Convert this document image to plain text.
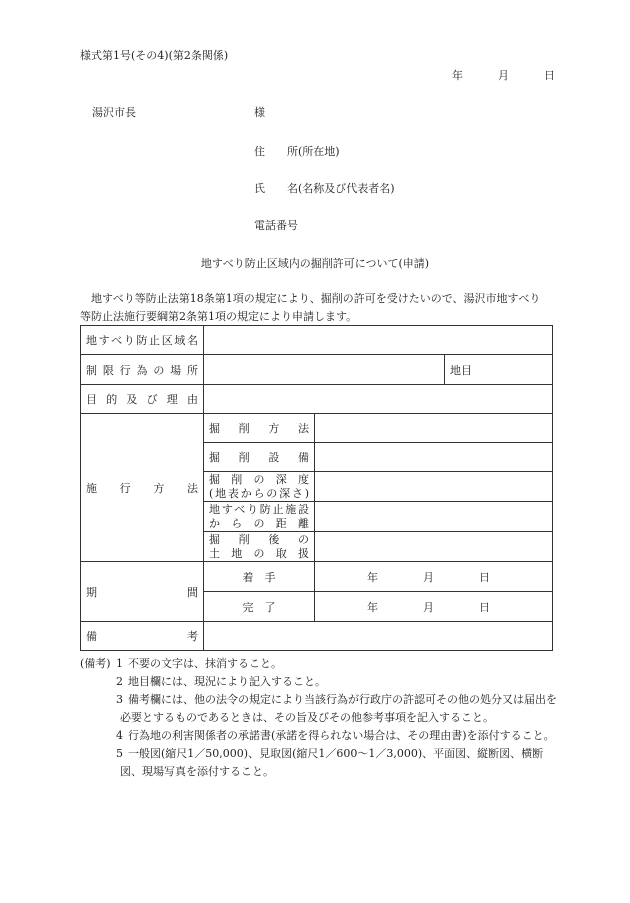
様式第1号(その4)(第2条関係)
年	月	日
湯沢市長	様
住　　所(所在地)
氏　　名(名称及び代表者名)
電話番号
地すべり防止区域内の掘削許可について(申請)
地すべり等防止法第18条第1項の規定により、掘削の許可を受けたいので、湯沢市地すべり等防止法施行要綱第2条第1項の規定により申請します。
地すべり防止区域名			
制限行為の場所			地目
目的及び理由			
施行方法	掘削方法		
	掘削設備		

	掘削の深度
(地表からの深さ)		

	地すべり防止施設
からの距離		

	掘削後の
土地の取扱		

期間	着　手	年 月 日	
	完　了	年 月 日	
備考			
(備考) 1 不要の文字は、抹消すること。
2 地目欄には、現況により記入すること。
3 備考欄には、他の法令の規定により当該行為が行政庁の許認可その他の処分又は届出を必要とするものであるときは、その旨及びその他参考事項を記入すること。
4 行為地の利害関係者の承諾書(承諾を得られない場合は、その理由書)を添付すること。
5 一般図(縮尺1／50,000)、見取図(縮尺1／600～1／3,000)、平面図、縦断図、横断図、現場写真を添付すること。
